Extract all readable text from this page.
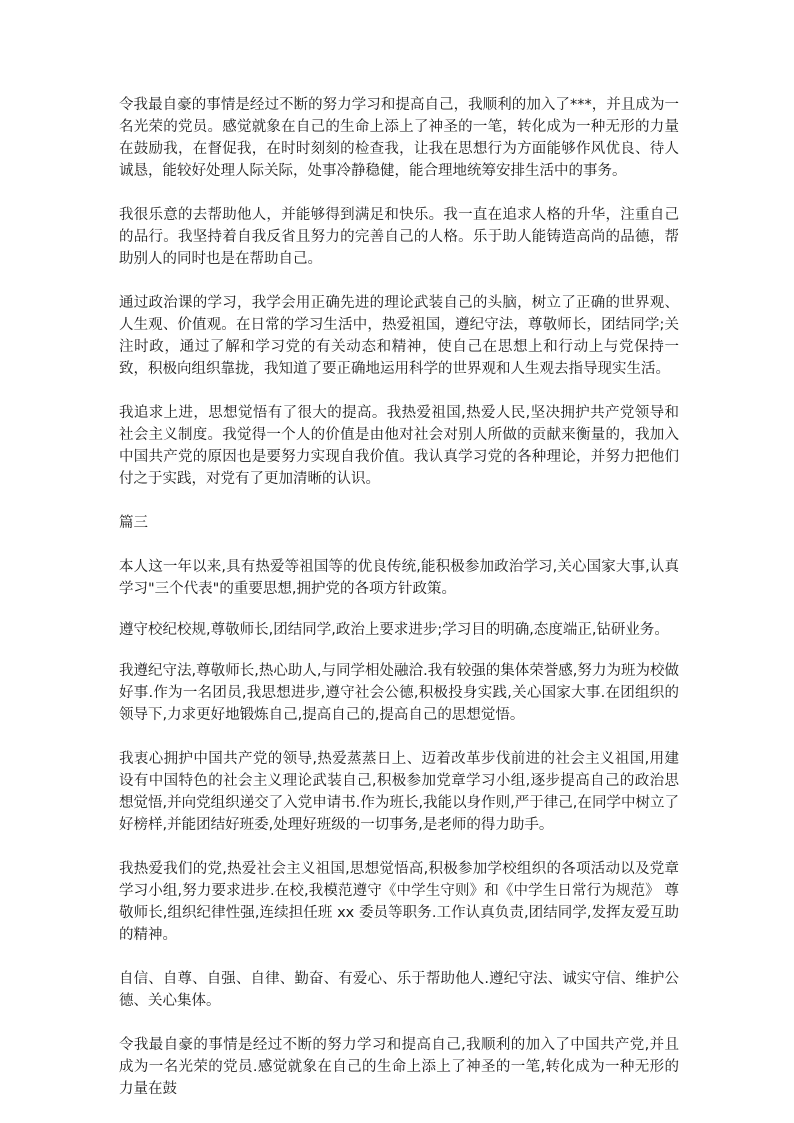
令我最自豪的事情是经过不断的努力学习和提高自己，我顺利的加入了***，并且成为一名光荣的党员。感觉就象在自己的生命上添上了神圣的一笔，转化成为一种无形的力量在鼓励我，在督促我，在时时刻刻的检查我，让我在思想行为方面能够作风优良、待人诚恳，能较好处理人际关际，处事冷静稳健，能合理地统筹安排生活中的事务。

我很乐意的去帮助他人，并能够得到满足和快乐。我一直在追求人格的升华，注重自己的品行。我坚持着自我反省且努力的完善自己的人格。乐于助人能铸造高尚的品德，帮助别人的同时也是在帮助自己。

通过政治课的学习，我学会用正确先进的理论武装自己的头脑，树立了正确的世界观、人生观、价值观。在日常的学习生活中，热爱祖国，遵纪守法，尊敬师长，团结同学;关注时政，通过了解和学习党的有关动态和精神，使自己在思想上和行动上与党保持一致，积极向组织靠拢，我知道了要正确地运用科学的世界观和人生观去指导现实生活。

我追求上进，思想觉悟有了很大的提高。我热爱祖国,热爱人民,坚决拥护共产党领导和社会主义制度。我觉得一个人的价值是由他对社会对别人所做的贡献来衡量的，我加入中国共产党的原因也是要努力实现自我价值。我认真学习党的各种理论，并努力把他们付之于实践，对党有了更加清晰的认识。

篇三

本人这一年以来,具有热爱等祖国等的优良传统,能积极参加政治学习,关心国家大事,认真学习"三个代表"的重要思想,拥护党的各项方针政策。

遵守校纪校规,尊敬师长,团结同学,政治上要求进步;学习目的明确,态度端正,钻研业务。

我遵纪守法,尊敬师长,热心助人,与同学相处融洽.我有较强的集体荣誉感,努力为班为校做好事.作为一名团员,我思想进步,遵守社会公德,积极投身实践,关心国家大事.在团组织的领导下,力求更好地锻炼自己,提高自己的,提高自己的思想觉悟。

我衷心拥护中国共产党的领导,热爱蒸蒸日上、迈着改革步伐前进的社会主义祖国,用建设有中国特色的社会主义理论武装自己,积极参加党章学习小组,逐步提高自己的政治思想觉悟,并向党组织递交了入党申请书.作为班长,我能以身作则,严于律己,在同学中树立了好榜样,并能团结好班委,处理好班级的一切事务,是老师的得力助手。

我热爱我们的党,热爱社会主义祖国,思想觉悟高,积极参加学校组织的各项活动以及党章学习小组,努力要求进步.在校,我模范遵守《中学生守则》和《中学生日常行为规范》 尊敬师长,组织纪律性强,连续担任班 xx 委员等职务.工作认真负责,团结同学,发挥友爱互助的精神。

自信、自尊、自强、自律、勤奋、有爱心、乐于帮助他人.遵纪守法、诚实守信、维护公德、关心集体。

令我最自豪的事情是经过不断的努力学习和提高自己,我顺利的加入了中国共产党,并且成为一名光荣的党员.感觉就象在自己的生命上添上了神圣的一笔,转化成为一种无形的力量在鼓
